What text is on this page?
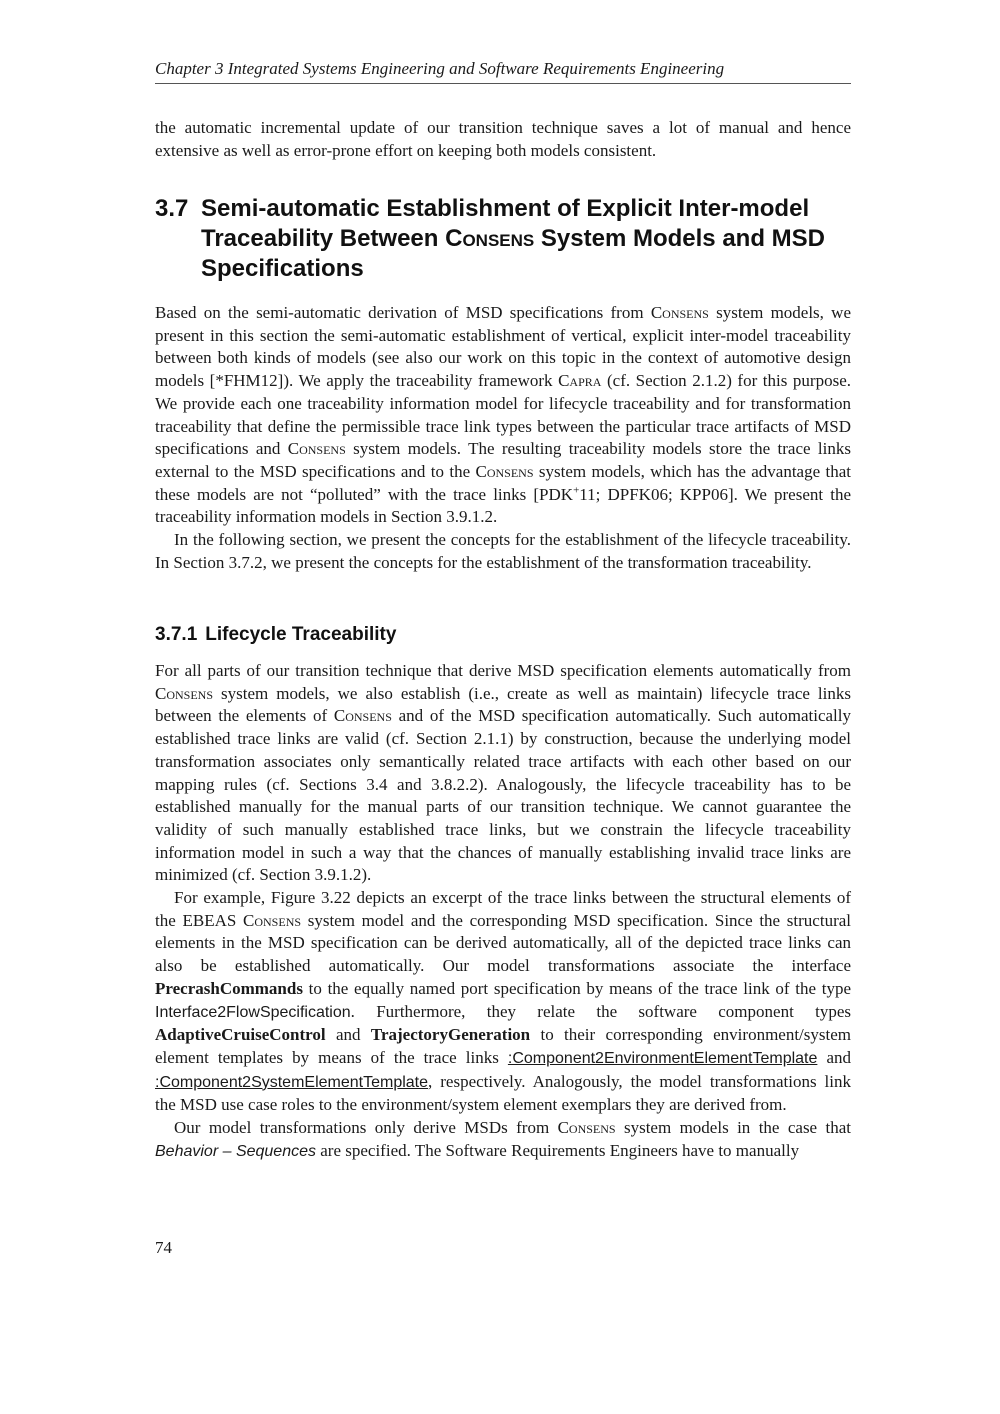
Chapter 3 Integrated Systems Engineering and Software Requirements Engineering

the automatic incremental update of our transition technique saves a lot of manual and hence extensive as well as error-prone effort on keeping both models consistent.

3.7 Semi-automatic Establishment of Explicit Inter-model Traceability Between Consens System Models and MSD Specifications

Based on the semi-automatic derivation of MSD specifications from Consens system models, we present in this section the semi-automatic establishment of vertical, explicit inter-model traceability between both kinds of models (see also our work on this topic in the context of automotive design models [*FHM12]). We apply the traceability framework Capra (cf. Section 2.1.2) for this purpose. We provide each one traceability information model for lifecycle traceability and for transformation traceability that define the permissible trace link types between the particular trace artifacts of MSD specifications and Consens system models. The resulting traceability models store the trace links external to the MSD specifications and to the Consens system models, which has the advantage that these models are not “polluted” with the trace links [PDK+11; DPFK06; KPP06]. We present the traceability information models in Section 3.9.1.2.

In the following section, we present the concepts for the establishment of the lifecycle traceability. In Section 3.7.2, we present the concepts for the establishment of the transformation traceability.

3.7.1 Lifecycle Traceability

For all parts of our transition technique that derive MSD specification elements automatically from Consens system models, we also establish (i.e., create as well as maintain) lifecycle trace links between the elements of Consens and of the MSD specification automatically. Such automatically established trace links are valid (cf. Section 2.1.1) by construction, because the underlying model transformation associates only semantically related trace artifacts with each other based on our mapping rules (cf. Sections 3.4 and 3.8.2.2). Analogously, the lifecycle traceability has to be established manually for the manual parts of our transition technique. We cannot guarantee the validity of such manually established trace links, but we constrain the lifecycle traceability information model in such a way that the chances of manually establishing invalid trace links are minimized (cf. Section 3.9.1.2).

For example, Figure 3.22 depicts an excerpt of the trace links between the structural elements of the EBEAS Consens system model and the corresponding MSD specification. Since the structural elements in the MSD specification can be derived automatically, all of the depicted trace links can also be established automatically. Our model transformations associate the interface PrecrashCommands to the equally named port specification by means of the trace link of the type Interface2FlowSpecification. Furthermore, they relate the software component types AdaptiveCruiseControl and TrajectoryGeneration to their corresponding environment/system element templates by means of the trace links :Component2EnvironmentElementTemplate and :Component2SystemElementTemplate, respectively. Analogously, the model transformations link the MSD use case roles to the environment/system element exemplars they are derived from.

Our model transformations only derive MSDs from Consens system models in the case that Behavior – Sequences are specified. The Software Requirements Engineers have to manually

74
